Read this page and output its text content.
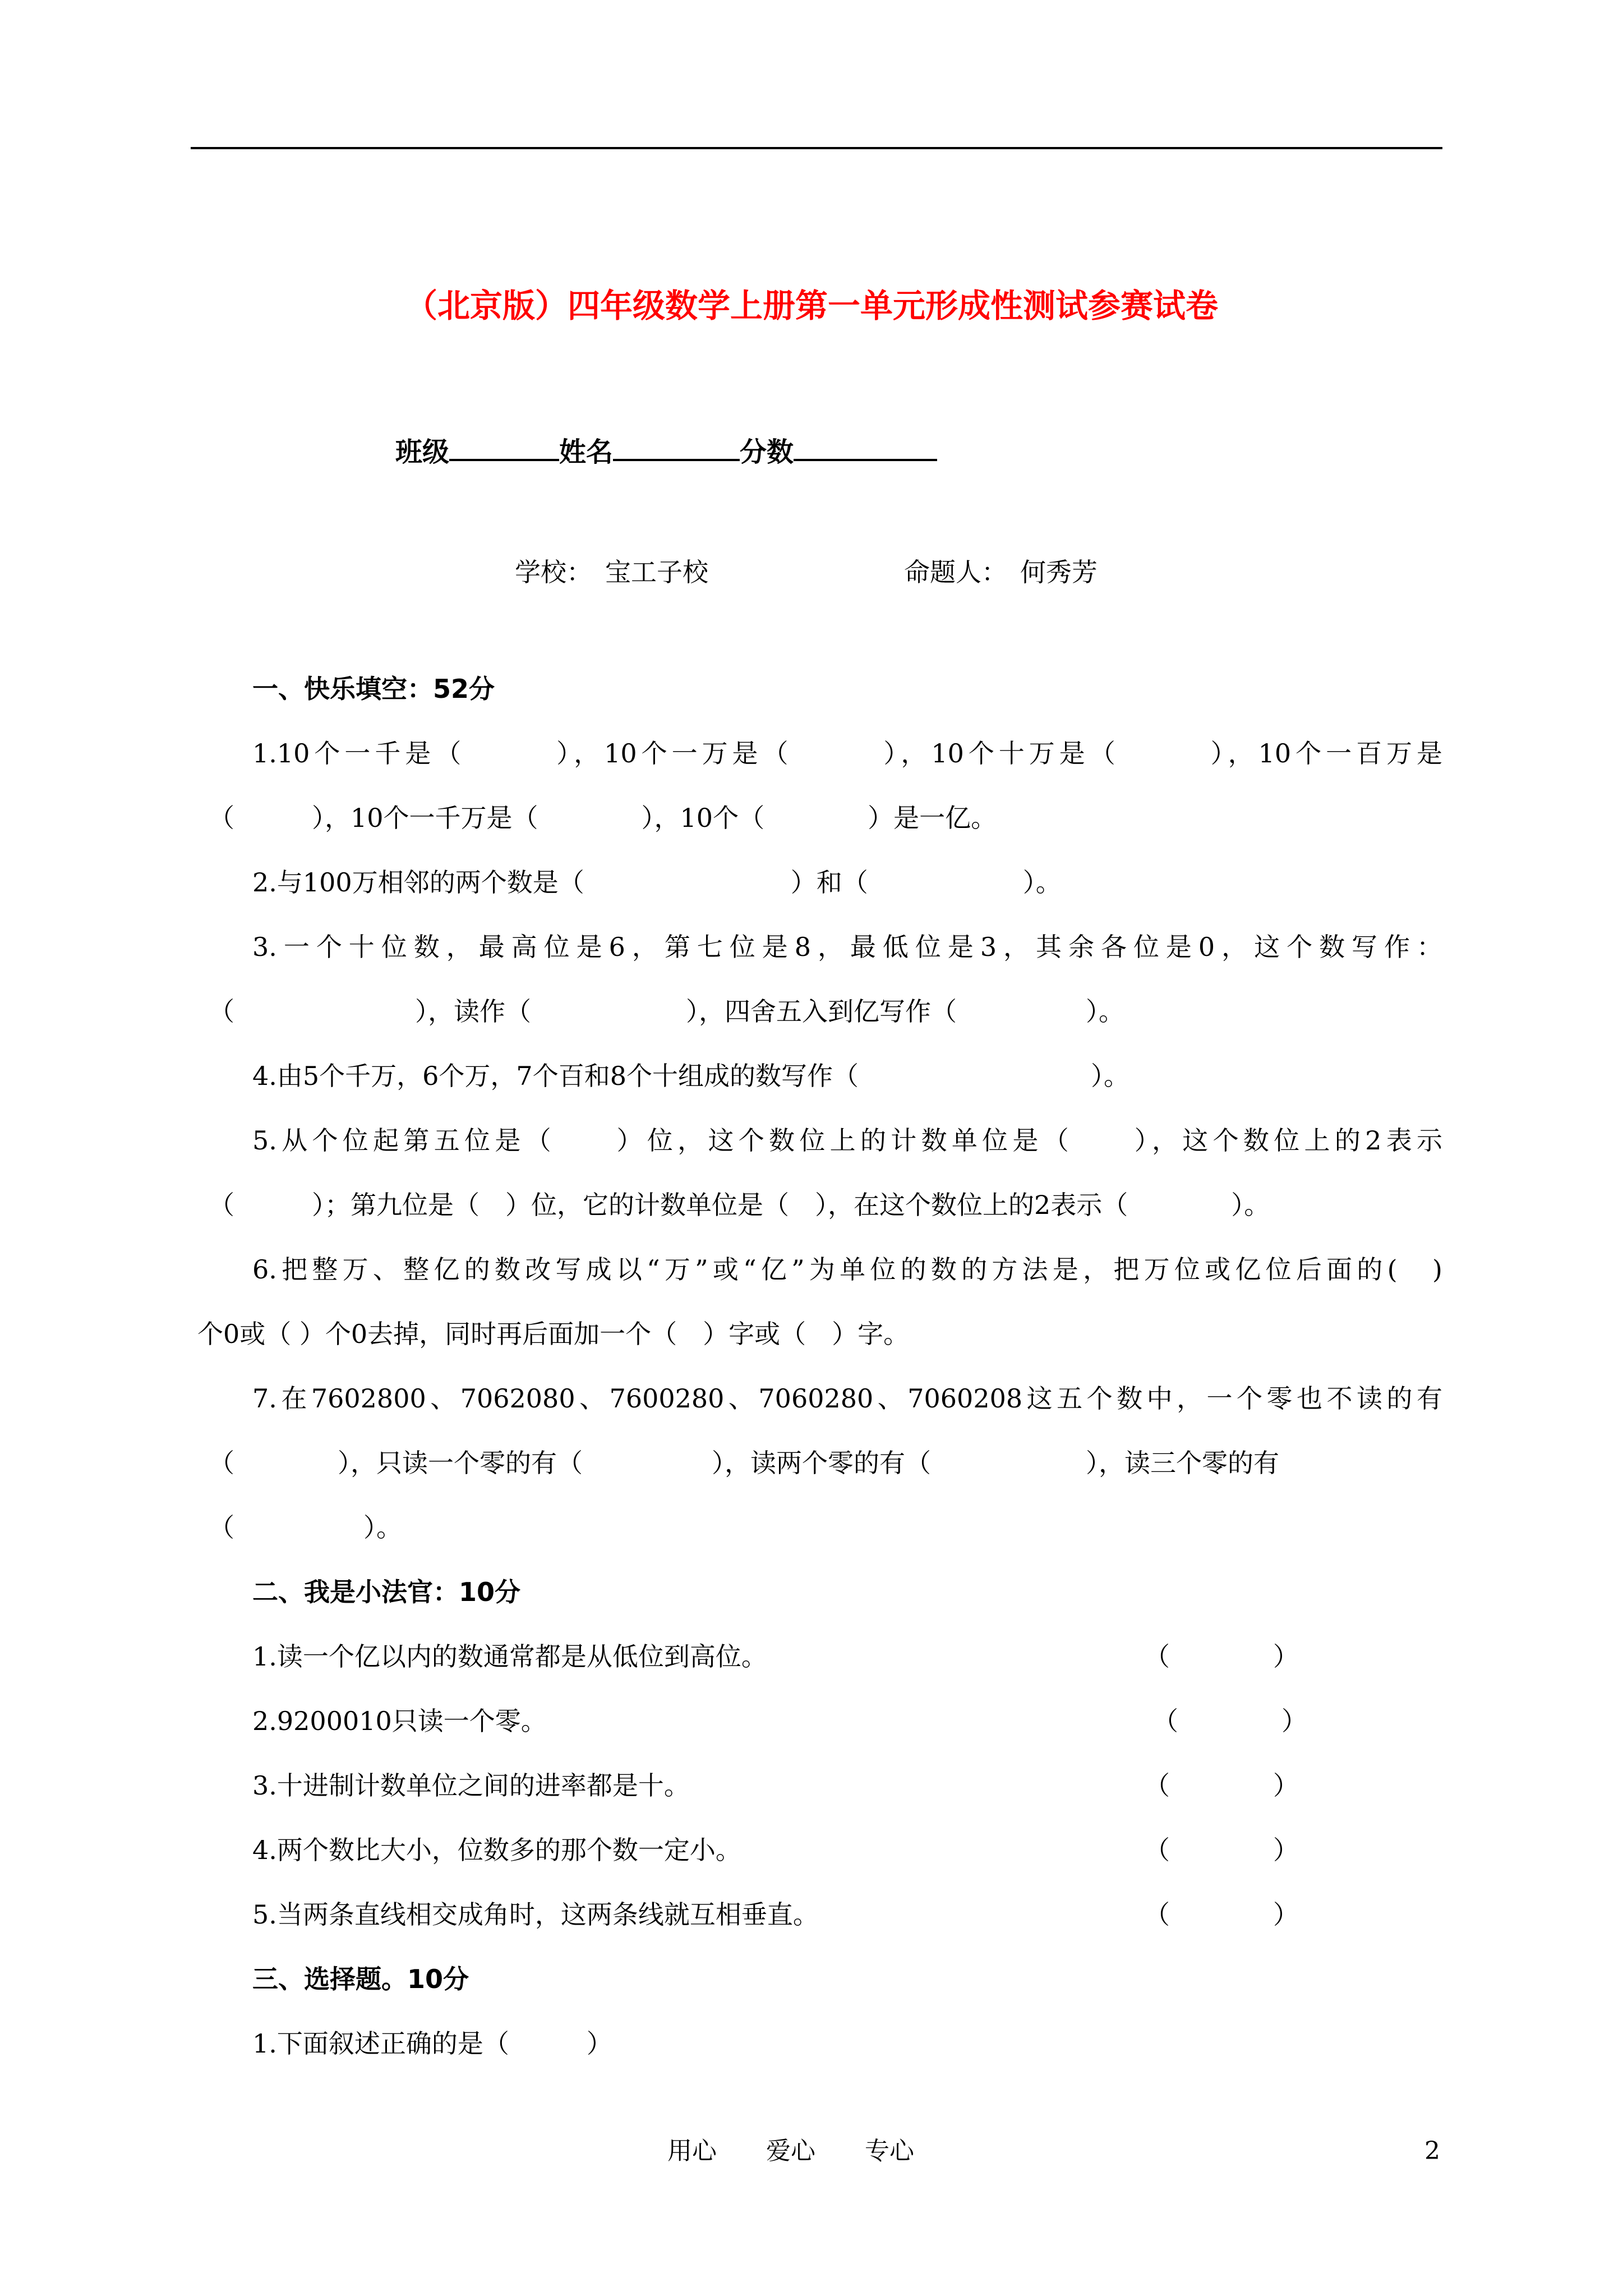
（北京版）四年级数学上册第一单元形成性测试参赛试卷
班级	姓名	分数
学校：　宝工子校	命题人：　何秀芳
一、快乐填空：52分
1.10个一千是（　　　），10个一万是（　　　），10个十万是（　　　），10个一百万是
（　　　），10个一千万是（　　　　），10个（　　　　）是一亿。
2.与100万相邻的两个数是（　　　　　　　　）和（　　　　　　）。
3.一个十位数，最高位是6，第七位是8，最低位是3，其余各位是0，这个数写作：
（　　　　　　　），读作（　　　　　　），四舍五入到亿写作（　　　　　）。
4.由5个千万，6个万，7个百和8个十组成的数写作（　　　　　　　　　）。
5.从个位起第五位是（　　）位，这个数位上的计数单位是（　　），这个数位上的2表示
（　　　）；第九位是（　）位，它的计数单位是（　），在这个数位上的2表示（　　　　）。
6.把整万、整亿的数改写成以“万”或“亿”为单位的数的方法是，把万位或亿位后面的(　)
个0或（ ）个0去掉，同时再后面加一个（　）字或（　）字。
7.在7602800、7062080、7600280、7060280、7060208这五个数中，一个零也不读的有
（　　　　），只读一个零的有（　　　　　），读两个零的有（　　　　　　），读三个零的有
（　　　　　）。
二、我是小法官：10分
1.读一个亿以内的数通常都是从低位到高位。	（　　　　）
2.9200010只读一个零。	（　　　　）
3.十进制计数单位之间的进率都是十。	（　　　　）
4.两个数比大小，位数多的那个数一定小。	（　　　　）
5.当两条直线相交成角时，这两条线就互相垂直。	（　　　　）
三、选择题。10分
1.下面叙述正确的是（　　　）
用心　　爱心　　专心	2
